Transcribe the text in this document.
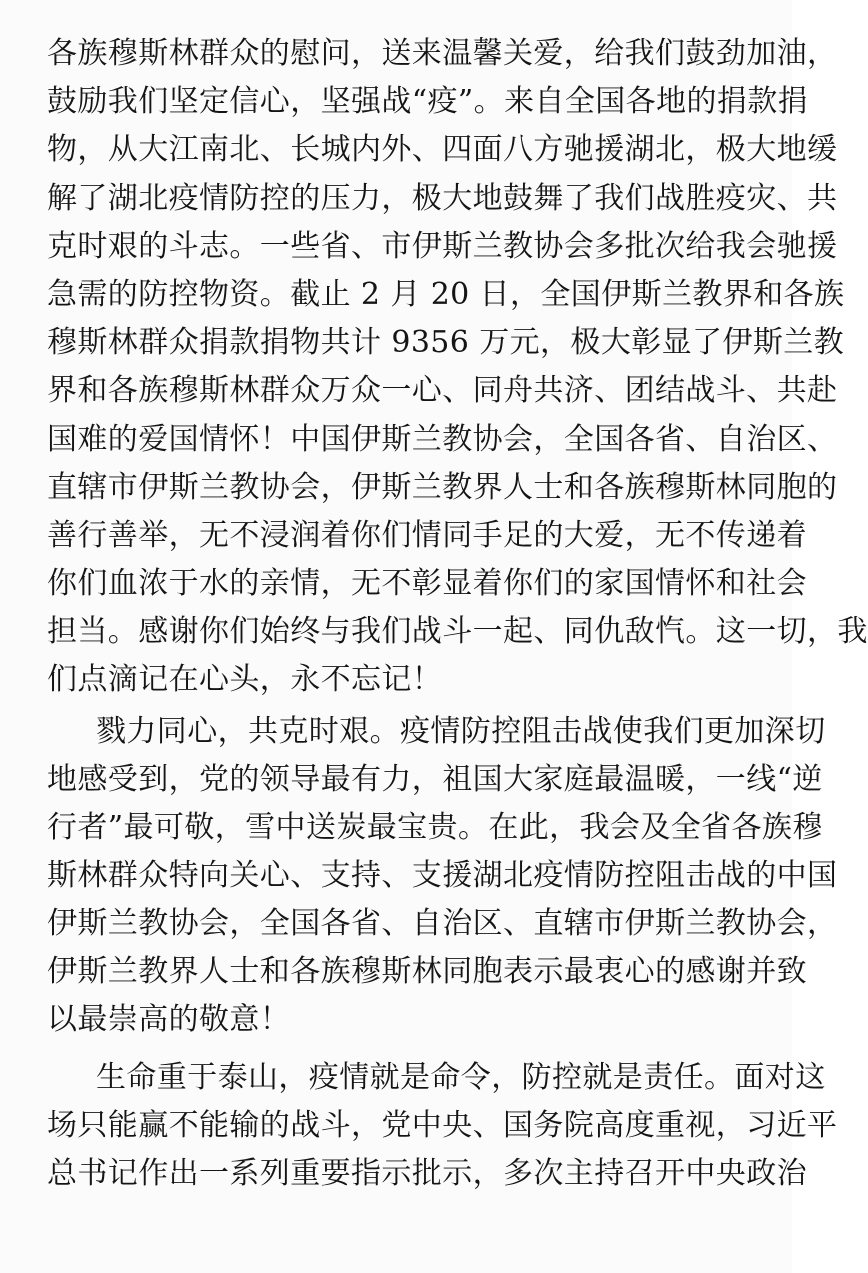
各族穆斯林群众的慰问，送来温馨关爱，给我们鼓劲加油，
鼓励我们坚定信心，坚强战“疫”。来自全国各地的捐款捐
物，从大江南北、长城内外、四面八方驰援湖北，极大地缓
解了湖北疫情防控的压力，极大地鼓舞了我们战胜疫灾、共
克时艰的斗志。一些省、市伊斯兰教协会多批次给我会驰援
急需的防控物资。截止 2 月 20 日，全国伊斯兰教界和各族
穆斯林群众捐款捐物共计 9356 万元，极大彰显了伊斯兰教
界和各族穆斯林群众万众一心、同舟共济、团结战斗、共赴
国难的爱国情怀！中国伊斯兰教协会，全国各省、自治区、
直辖市伊斯兰教协会，伊斯兰教界人士和各族穆斯林同胞的
善行善举，无不浸润着你们情同手足的大爱，无不传递着
你们血浓于水的亲情，无不彰显着你们的家国情怀和社会
担当。感谢你们始终与我们战斗一起、同仇敌忾。这一切，我
们点滴记在心头，永不忘记！
戮力同心，共克时艰。疫情防控阻击战使我们更加深切
地感受到，党的领导最有力，祖国大家庭最温暖，一线“逆
行者”最可敬，雪中送炭最宝贵。在此，我会及全省各族穆
斯林群众特向关心、支持、支援湖北疫情防控阻击战的中国
伊斯兰教协会，全国各省、自治区、直辖市伊斯兰教协会，
伊斯兰教界人士和各族穆斯林同胞表示最衷心的感谢并致
以最崇高的敬意！
生命重于泰山，疫情就是命令，防控就是责任。面对这
场只能赢不能输的战斗，党中央、国务院高度重视，习近平
总书记作出一系列重要指示批示，多次主持召开中央政治
